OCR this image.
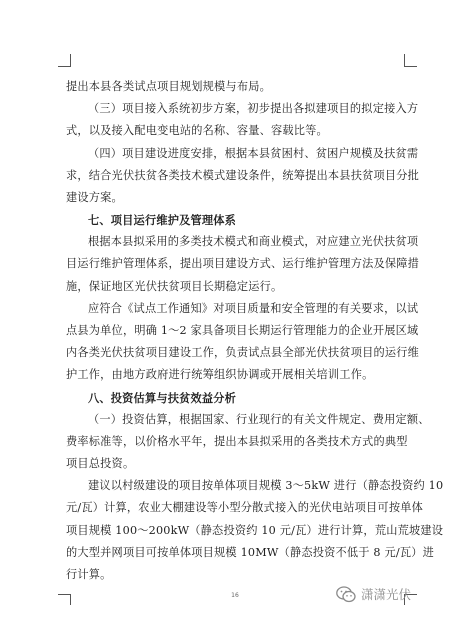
提出本县各类试点项目规划规模与布局。
（三）项目接入系统初步方案，初步提出各拟建项目的拟定接入方
式，以及接入配电变电站的名称、容量、容载比等。
（四）项目建设进度安排，根据本县贫困村、贫困户规模及扶贫需
求，结合光伏扶贫各类技术模式建设条件，统筹提出本县扶贫项目分批
建设方案。
七、项目运行维护及管理体系
根据本县拟采用的多类技术模式和商业模式，对应建立光伏扶贫项
目运行维护管理体系，提出项目建设方式、运行维护管理方法及保障措
施，保证地区光伏扶贫项目长期稳定运行。
应符合《试点工作通知》对项目质量和安全管理的有关要求，以试
点县为单位，明确 1～2 家具备项目长期运行管理能力的企业开展区域
内各类光伏扶贫项目建设工作，负责试点县全部光伏扶贫项目的运行维
护工作，由地方政府进行统筹组织协调或开展相关培训工作。
八、投资估算与扶贫效益分析
（一）投资估算，根据国家、行业现行的有关文件规定、费用定额、
费率标准等，以价格水平年，提出本县拟采用的各类技术方式的典型
项目总投资。
建议以村级建设的项目按单体项目规模 3～5kW 进行（静态投资约 10
元/瓦）计算，农业大棚建设等小型分散式接入的光伏电站项目可按单体
项目规模 100～200kW（静态投资约 10 元/瓦）进行计算，荒山荒坡建设
的大型并网项目可按单体项目规模 10MW（静态投资不低于 8 元/瓦）进
行计算。
16	潇潇光伏
